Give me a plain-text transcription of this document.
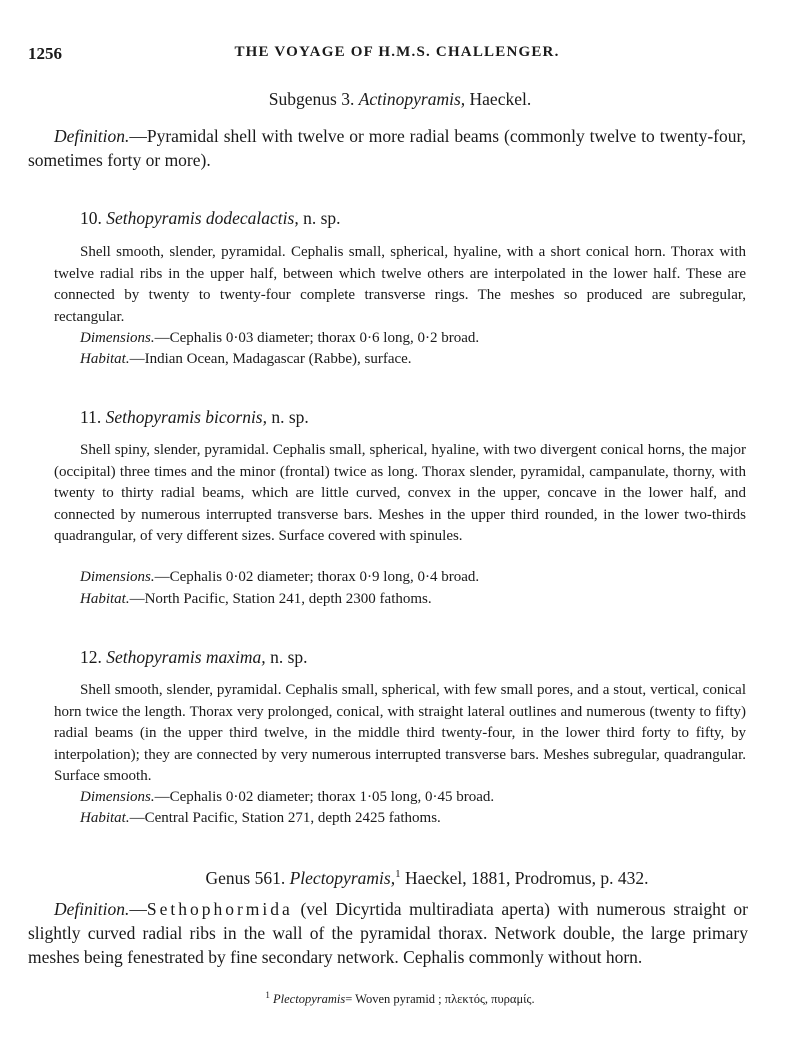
1256	THE VOYAGE OF H.M.S. CHALLENGER.
Subgenus 3. Actinopyramis, Haeckel.
Definition.—Pyramidal shell with twelve or more radial beams (commonly twelve to twenty-four, sometimes forty or more).
10. Sethopyramis dodecalactis, n. sp.
Shell smooth, slender, pyramidal. Cephalis small, spherical, hyaline, with a short conical horn. Thorax with twelve radial ribs in the upper half, between which twelve others are interpolated in the lower half. These are connected by twenty to twenty-four complete transverse rings. The meshes so produced are subregular, rectangular.
Dimensions.—Cephalis 0·03 diameter; thorax 0·6 long, 0·2 broad.
Habitat.—Indian Ocean, Madagascar (Rabbe), surface.
11. Sethopyramis bicornis, n. sp.
Shell spiny, slender, pyramidal. Cephalis small, spherical, hyaline, with two divergent conical horns, the major (occipital) three times and the minor (frontal) twice as long. Thorax slender, pyramidal, campanulate, thorny, with twenty to thirty radial beams, which are little curved, convex in the upper, concave in the lower half, and connected by numerous interrupted transverse bars. Meshes in the upper third rounded, in the lower two-thirds quadrangular, of very different sizes. Surface covered with spinules.
Dimensions.—Cephalis 0·02 diameter; thorax 0·9 long, 0·4 broad.
Habitat.—North Pacific, Station 241, depth 2300 fathoms.
12. Sethopyramis maxima, n. sp.
Shell smooth, slender, pyramidal. Cephalis small, spherical, with few small pores, and a stout, vertical, conical horn twice the length. Thorax very prolonged, conical, with straight lateral outlines and numerous (twenty to fifty) radial beams (in the upper third twelve, in the middle third twenty-four, in the lower third forty to fifty, by interpolation); they are connected by very numerous interrupted transverse bars. Meshes subregular, quadrangular. Surface smooth.
Dimensions.—Cephalis 0·02 diameter; thorax 1·05 long, 0·45 broad.
Habitat.—Central Pacific, Station 271, depth 2425 fathoms.
Genus 561. Plectopyramis,$^1$ Haeckel, 1881, Prodromus, p. 432.
Definition.—Sethophormida (vel Dicyrtida multiradiata aperta) with numerous straight or slightly curved radial ribs in the wall of the pyramidal thorax. Network double, the large primary meshes being fenestrated by fine secondary network. Cephalis commonly without horn.
$^1$ Plectopyramis= Woven pyramid ; πλεκτός, πυραμίς.
